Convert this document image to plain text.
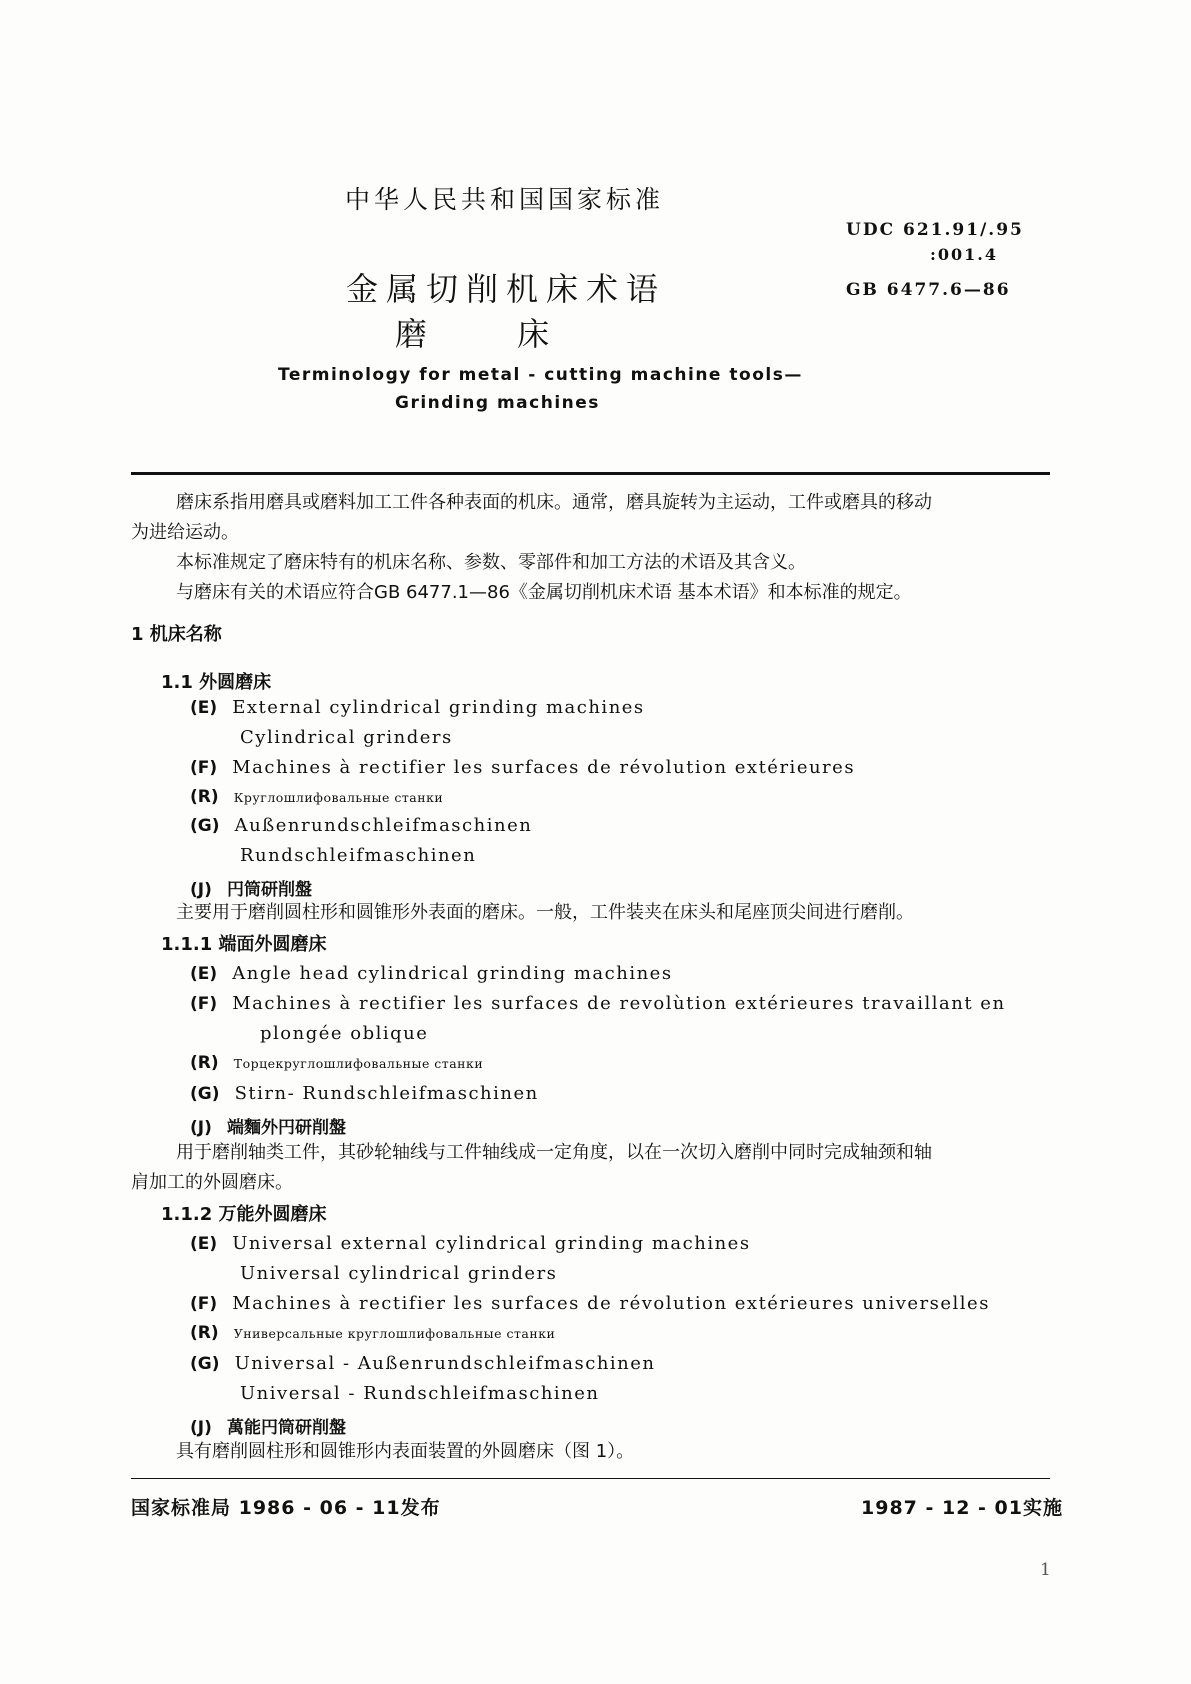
中华人民共和国国家标准
UDC 621.91/.95
:001.4
GB 6477.6—86
金属切削机床术语
磨 床
Terminology for metal - cutting machine tools—
Grinding machines
磨床系指用磨具或磨料加工工件各种表面的机床。通常，磨具旋转为主运动，工件或磨具的移动
为进给运动。
本标准规定了磨床特有的机床名称、参数、零部件和加工方法的术语及其含义。
与磨床有关的术语应符合GB 6477.1—86《金属切削机床术语 基本术语》和本标准的规定。
1 机床名称
1.1 外圆磨床
(E) External cylindrical grinding machines
Cylindrical grinders
(F) Machines à rectifier les surfaces de révolution extérieures
(R) Круглошлифовальные станки
(G) Außenrundschleifmaschinen
Rundschleifmaschinen
(J) 円筒研削盤
主要用于磨削圆柱形和圆锥形外表面的磨床。一般，工件装夹在床头和尾座顶尖间进行磨削。
1.1.1 端面外圆磨床
(E) Angle head cylindrical grinding machines
(F) Machines à rectifier les surfaces de revolùtion extérieures travaillant en
plongée oblique
(R) Торцекруглошлифовальные станки
(G) Stirn- Rundschleifmaschinen
(J) 端麵外円研削盤
用于磨削轴类工件，其砂轮轴线与工件轴线成一定角度，以在一次切入磨削中同时完成轴颈和轴
肩加工的外圆磨床。
1.1.2 万能外圆磨床
(E) Universal external cylindrical grinding machines
Universal cylindrical grinders
(F) Machines à rectifier les surfaces de révolution extérieures universelles
(R) Универсальные круглошлифовальные станки
(G) Universal - Außenrundschleifmaschinen
Universal - Rundschleifmaschinen
(J) 萬能円筒研削盤
具有磨削圆柱形和圆锥形内表面装置的外圆磨床（图 1）。
国家标准局 1986 - 06 - 11发布	1987 - 12 - 01实施
1
